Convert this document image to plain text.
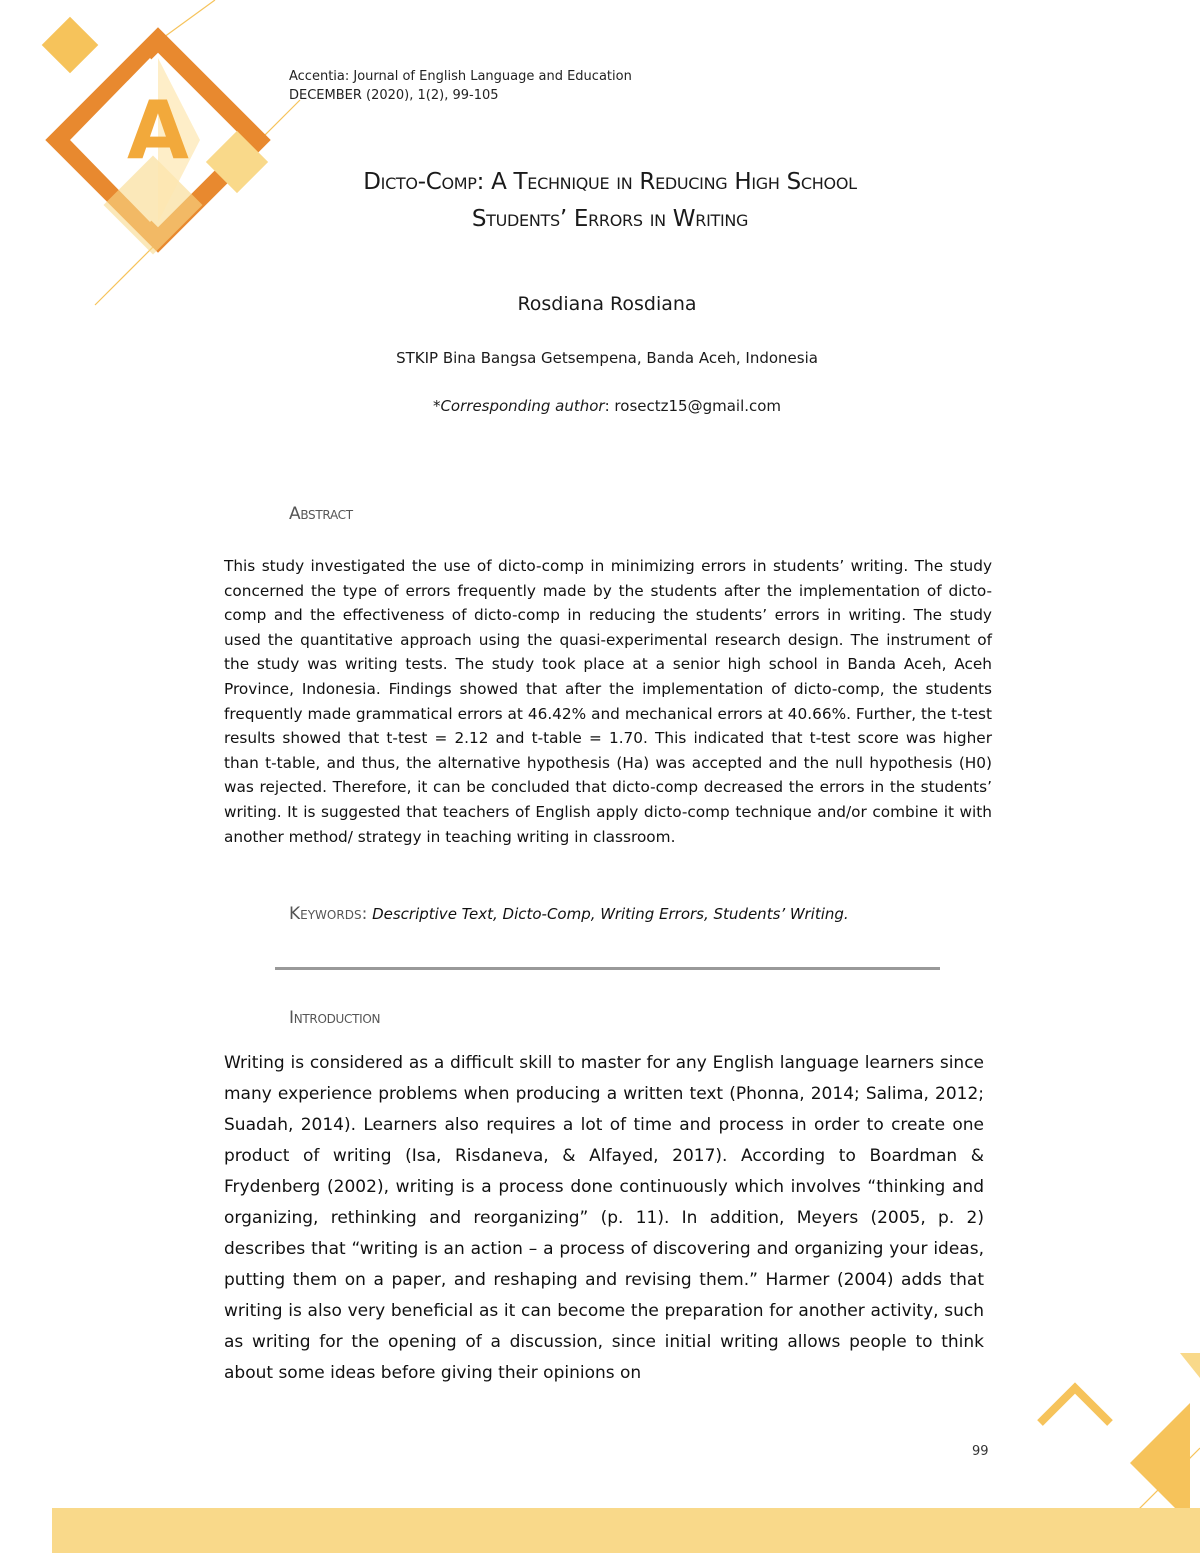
A
Accentia: Journal of English Language and Education
DECEMBER (2020), 1(2), 99-105
Dicto-Comp: A Technique in Reducing High School
Students’ Errors in Writing
Rosdiana Rosdiana
STKIP Bina Bangsa Getsempena, Banda Aceh, Indonesia
*Corresponding author: rosectz15@gmail.com
Abstract
This study investigated the use of dicto-comp in minimizing errors in students’ writing. The study concerned the type of errors frequently made by the students after the implementation of dicto-comp and the effectiveness of dicto-comp in reducing the students’ errors in writing. The study used the quantitative approach using the quasi-experimental research design. The instrument of the study was writing tests. The study took place at a senior high school in Banda Aceh, Aceh Province, Indonesia. Findings showed that after the implementation of dicto-comp, the students frequently made grammatical errors at 46.42% and mechanical errors at 40.66%. Further, the t-test results showed that t-test = 2.12 and t-table = 1.70. This indicated that t-test score was higher than t-table, and thus, the alternative hypothesis (Ha) was accepted and the null hypothesis (H0) was rejected. Therefore, it can be concluded that dicto-comp decreased the errors in the students’ writing. It is suggested that teachers of English apply dicto-comp technique and/or combine it with another method/ strategy in teaching writing in classroom.
Keywords: Descriptive Text, Dicto-Comp, Writing Errors, Students’ Writing.
Introduction
Writing is considered as a difficult skill to master for any English language learners since many experience problems when producing a written text (Phonna, 2014; Salima, 2012; Suadah, 2014). Learners also requires a lot of time and process in order to create one product of writing (Isa, Risdaneva, & Alfayed, 2017). According to Boardman & Frydenberg (2002), writing is a process done continuously which involves “thinking and organizing, rethinking and reorganizing” (p. 11). In addition, Meyers (2005, p. 2) describes that “writing is an action – a process of discovering and organizing your ideas, putting them on a paper, and reshaping and revising them.” Harmer (2004) adds that writing is also very beneficial as it can become the preparation for another activity, such as writing for the opening of a discussion, since initial writing allows people to think about some ideas before giving their opinions on
99
